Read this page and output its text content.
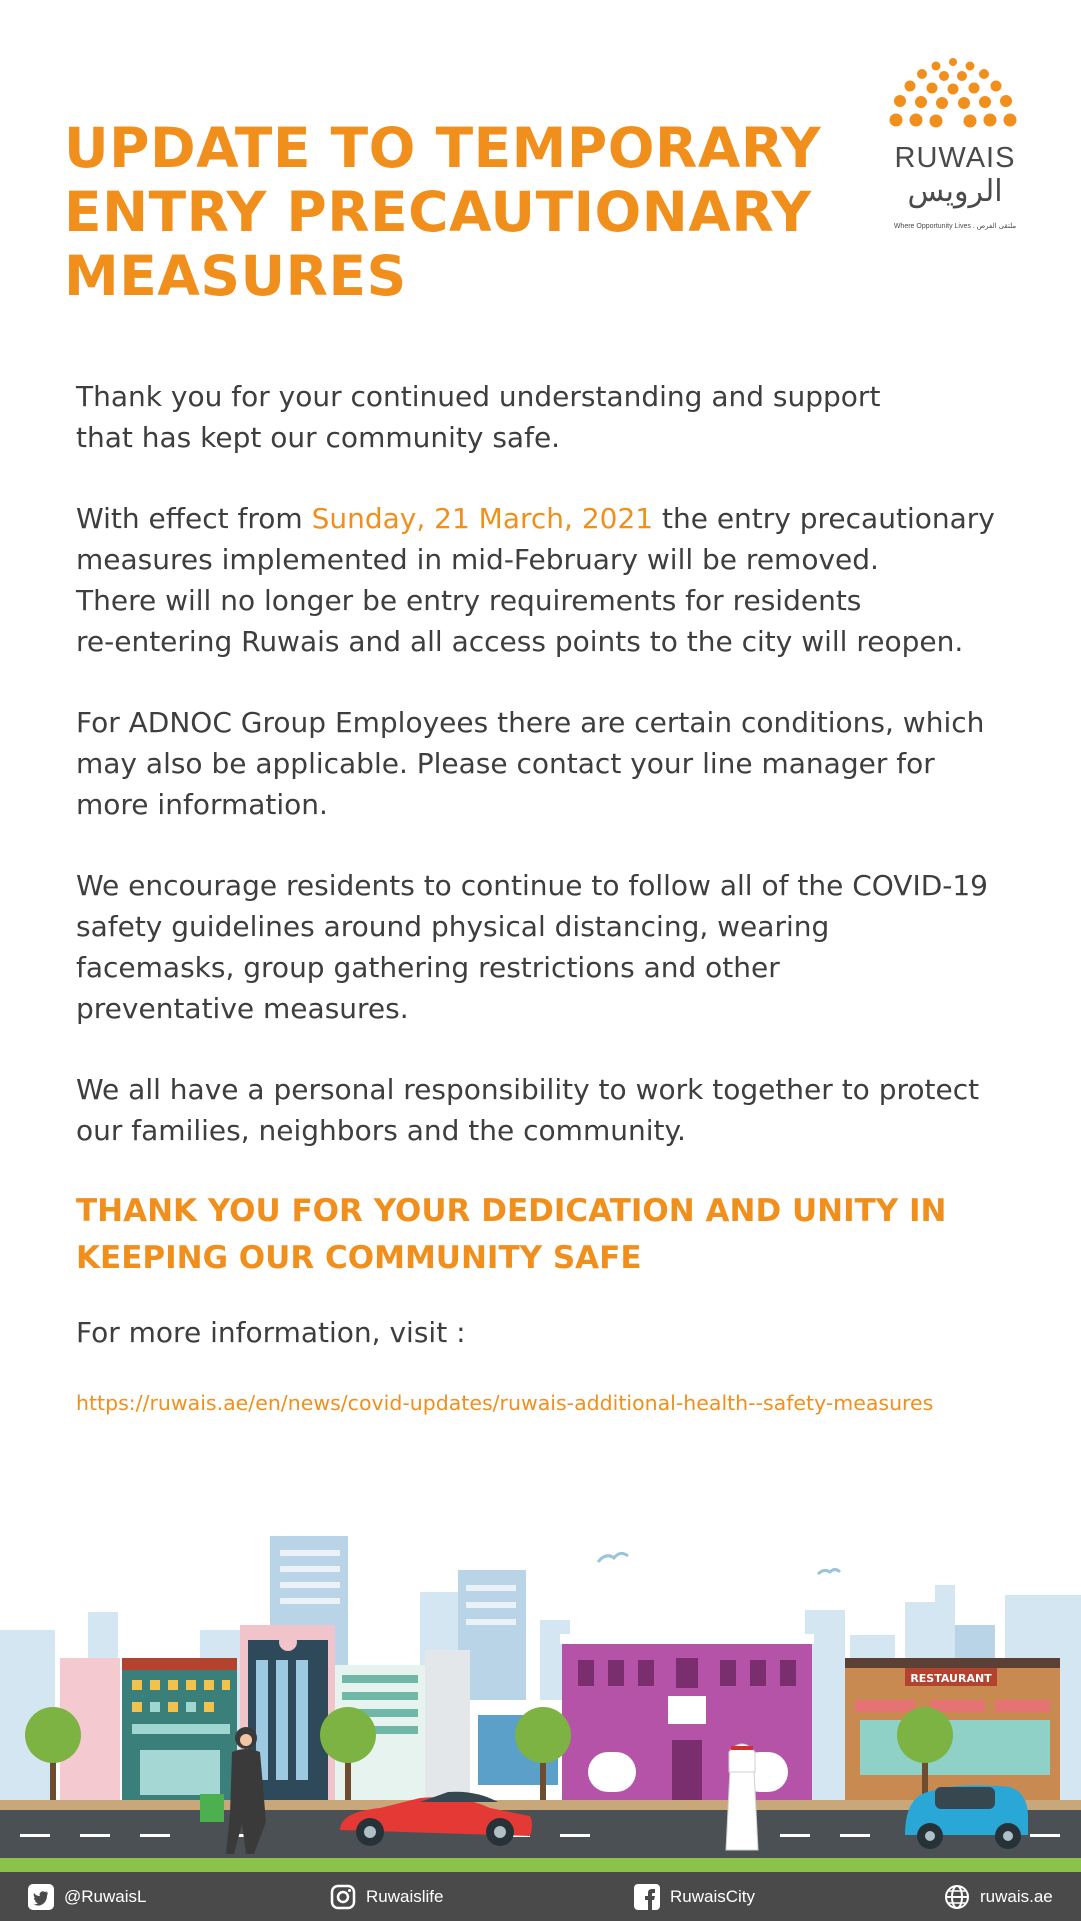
UPDATE TO TEMPORARY
ENTRY PRECAUTIONARY
MEASURES
RUWAIS
الرويس
Where Opportunity Lives . ملتقى الفرص

Thank you for your continued understanding and support
that has kept our community safe.

With effect from Sunday, 21 March, 2021 the entry precautionary
measures implemented in mid-February will be removed.
There will no longer be entry requirements for residents
re-entering Ruwais and all access points to the city will reopen.

For ADNOC Group Employees there are certain conditions, which
may also be applicable. Please contact your line manager for
more information.

We encourage residents to continue to follow all of the COVID-19
safety guidelines around physical distancing, wearing
facemasks, group gathering restrictions and other
preventative measures.

We all have a personal responsibility to work together to protect
our families, neighbors and the community.

THANK YOU FOR YOUR DEDICATION AND UNITY IN
KEEPING OUR COMMUNITY SAFE

For more information, visit :

https://ruwais.ae/en/news/covid-updates/ruwais-additional-health--safety-measures

RESTAURANT
@RuwaisL	Ruwaislife	RuwaisCity	ruwais.ae
